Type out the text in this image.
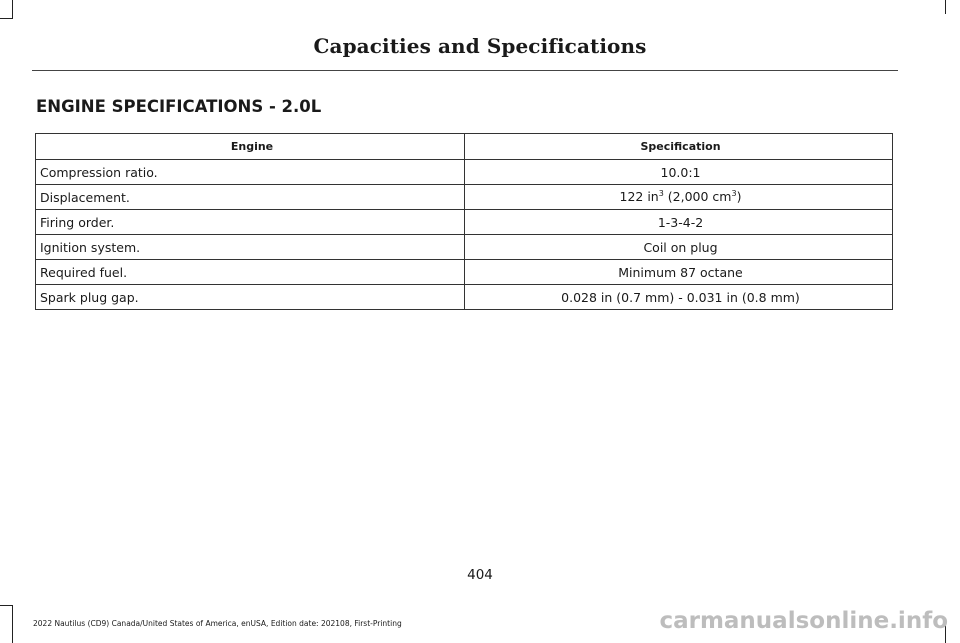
Capacities and Specifications
ENGINE SPECIFICATIONS - 2.0L
Engine	Specification
Compression ratio.	10.0:1
Displacement.	122 $in^3$ (2,000 $cm^3$)
Firing order.	1-3-4-2
Ignition system.	Coil on plug
Required fuel.	Minimum 87 octane
Spark plug gap.	0.028 in (0.7 mm) - 0.031 in (0.8 mm)
404
2022 Nautilus (CD9) Canada/United States of America, enUSA, Edition date: 202108, First-Printing	carmanualsonline.info
